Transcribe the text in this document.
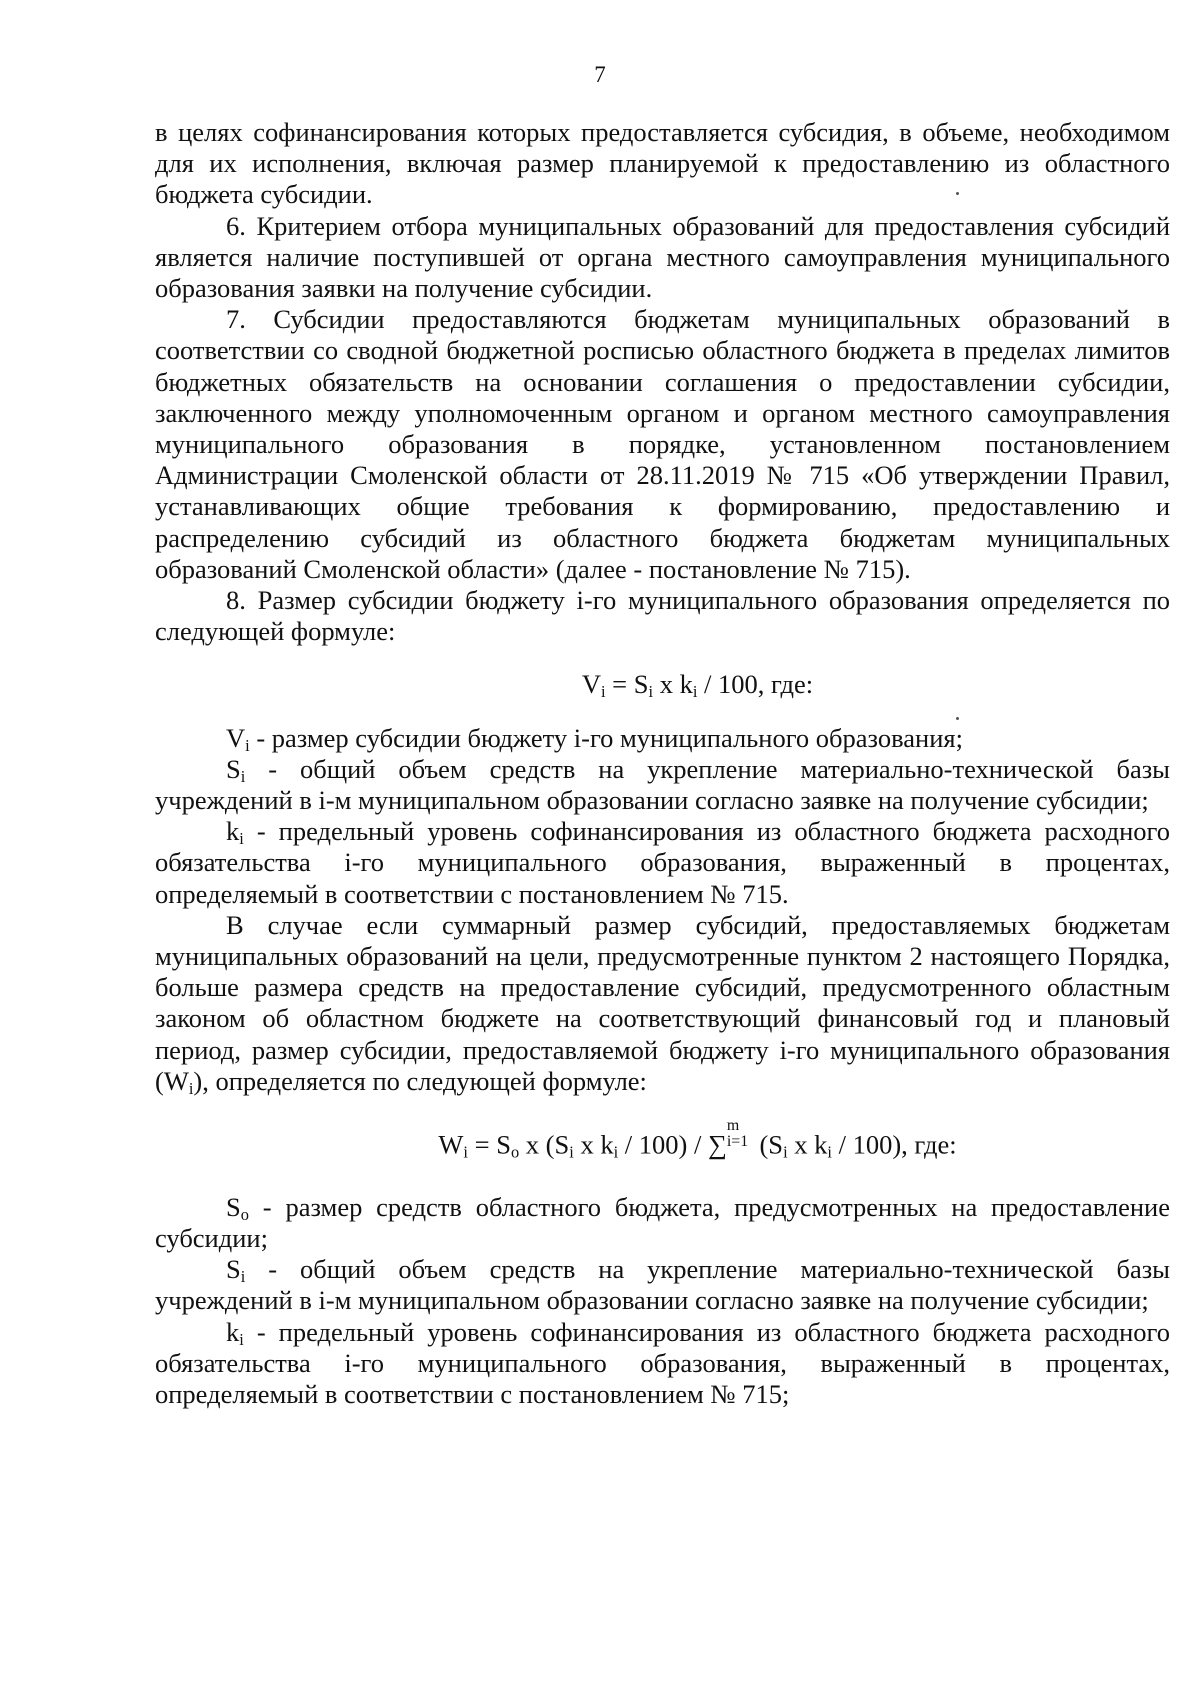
7

в целях софинансирования которых предоставляется субсидия, в объеме, необходимом для их исполнения, включая размер планируемой к предоставлению из областного бюджета субсидии.

6. Критерием отбора муниципальных образований для предоставления субсидий является наличие поступившей от органа местного самоуправления муниципального образования заявки на получение субсидии.

7. Субсидии предоставляются бюджетам муниципальных образований в соответствии со сводной бюджетной росписью областного бюджета в пределах лимитов бюджетных обязательств на основании соглашения о предоставлении субсидии, заключенного между уполномоченным органом и органом местного самоуправления муниципального образования в порядке, установленном постановлением Администрации Смоленской области от 28.11.2019 № 715 «Об утверждении Правил, устанавливающих общие требования к формированию, предоставлению и распределению субсидий из областного бюджета бюджетам муниципальных образований Смоленской области» (далее - постановление № 715).

8. Размер субсидии бюджету i-го муниципального образования определяется по следующей формуле:

$V_i = S_i$ x $k_i / 100$, где:

$V_i$ - размер субсидии бюджету i-го муниципального образования;

$S_i$ - общий объем средств на укрепление материально-технической базы учреждений в i-м муниципальном образовании согласно заявке на получение субсидии;

$k_i$ - предельный уровень софинансирования из областного бюджета расходного обязательства i-го муниципального образования, выраженный в процентах, определяемый в соответствии с постановлением № 715.

В случае если суммарный размер субсидий, предоставляемых бюджетам муниципальных образований на цели, предусмотренные пунктом 2 настоящего Порядка, больше размера средств на предоставление субсидий, предусмотренного областным законом об областном бюджете на соответствующий финансовый год и плановый период, размер субсидии, предоставляемой бюджету i-го муниципального образования $(W_i)$, определяется по следующей формуле:

$W_i = S_o$ x ($S_i$ x $k_i / 100$) / ∑
m
i=1 ($S_i$ x $k_i / 100$), где:

$S_o$ - размер средств областного бюджета, предусмотренных на предоставление субсидии;

$S_i$ - общий объем средств на укрепление материально-технической базы учреждений в i-м муниципальном образовании согласно заявке на получение субсидии;

$k_i$ - предельный уровень софинансирования из областного бюджета расходного обязательства i-го муниципального образования, выраженный в процентах, определяемый в соответствии с постановлением № 715;
